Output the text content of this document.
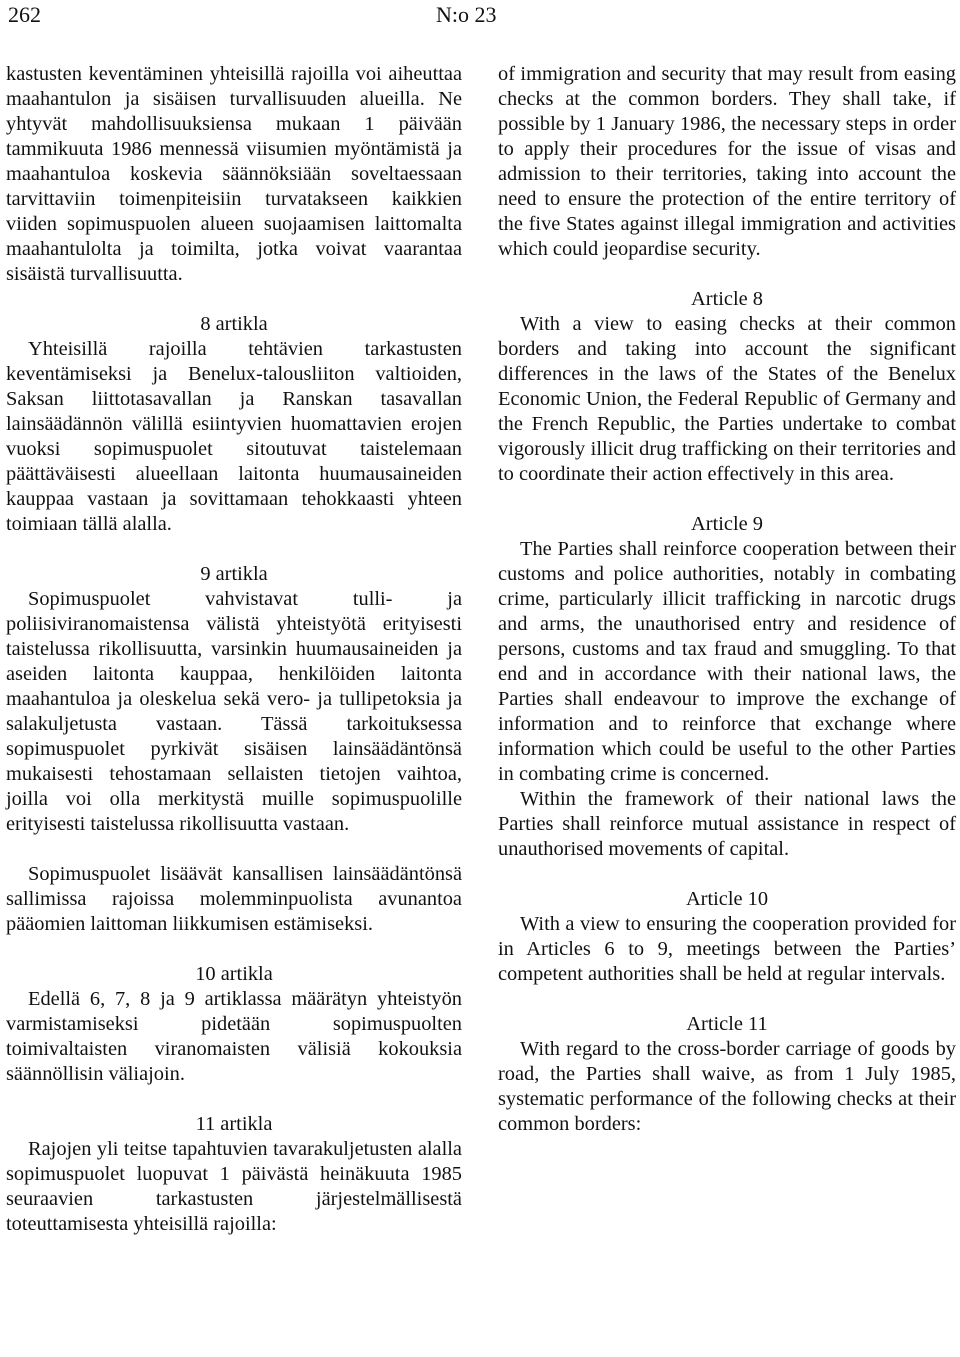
262	N:o 23

kastusten keventäminen yhteisillä rajoilla voi aiheuttaa maahantulon ja sisäisen turvallisuuden alueilla. Ne yhtyvät mahdollisuuksiensa mukaan 1 päivään tammikuuta 1986 mennessä viisumien myöntämistä ja maahantuloa koskevia säännöksiään soveltaessaan tarvittaviin toimenpiteisiin turvatakseen kaikkien viiden sopimuspuolen alueen suojaamisen laittomalta maahantulolta ja toimilta, jotka voivat vaarantaa sisäistä turvallisuutta.

8 artikla

Yhteisillä rajoilla tehtävien tarkastusten keventämiseksi ja Benelux-talousliiton valtioiden, Saksan liittotasavallan ja Ranskan tasavallan lainsäädännön välillä esiintyvien huomattavien erojen vuoksi sopimuspuolet sitoutuvat taistelemaan päättäväisesti alueellaan laitonta huumausaineiden kauppaa vastaan ja sovittamaan tehokkaasti yhteen toimiaan tällä alalla.

9 artikla

Sopimuspuolet vahvistavat tulli- ja poliisiviranomaistensa välistä yhteistyötä erityisesti taistelussa rikollisuutta, varsinkin huumausaineiden ja aseiden laitonta kauppaa, henkilöiden laitonta maahantuloa ja oleskelua sekä vero- ja tullipetoksia ja salakuljetusta vastaan. Tässä tarkoituksessa sopimuspuolet pyrkivät sisäisen lainsäädäntönsä mukaisesti tehostamaan sellaisten tietojen vaihtoa, joilla voi olla merkitystä muille sopimuspuolille erityisesti taistelussa rikollisuutta vastaan.

Sopimuspuolet lisäävät kansallisen lainsäädäntönsä sallimissa rajoissa molemminpuolista avunantoa pääomien laittoman liikkumisen estämiseksi.

10 artikla

Edellä 6, 7, 8 ja 9 artiklassa määrätyn yhteistyön varmistamiseksi pidetään sopimuspuolten toimivaltaisten viranomaisten välisiä kokouksia säännöllisin väliajoin.

11 artikla

Rajojen yli teitse tapahtuvien tavarakuljetusten alalla sopimuspuolet luopuvat 1 päivästä heinäkuuta 1985 seuraavien tarkastusten järjestelmällisestä toteuttamisesta yhteisillä rajoilla:

of immigration and security that may result from easing checks at the common borders. They shall take, if possible by 1 January 1986, the necessary steps in order to apply their procedures for the issue of visas and admission to their territories, taking into account the need to ensure the protection of the entire territory of the five States against illegal immigration and activities which could jeopardise security.

Article 8

With a view to easing checks at their common borders and taking into account the significant differences in the laws of the States of the Benelux Economic Union, the Federal Republic of Germany and the French Republic, the Parties undertake to combat vigorously illicit drug trafficking on their territories and to coordinate their action effectively in this area.

Article 9

The Parties shall reinforce cooperation between their customs and police authorities, notably in combating crime, particularly illicit trafficking in narcotic drugs and arms, the unauthorised entry and residence of persons, customs and tax fraud and smuggling. To that end and in accordance with their national laws, the Parties shall endeavour to improve the exchange of information and to reinforce that exchange where information which could be useful to the other Parties in combating crime is concerned.

Within the framework of their national laws the Parties shall reinforce mutual assistance in respect of unauthorised movements of capital.

Article 10

With a view to ensuring the cooperation provided for in Articles 6 to 9, meetings between the Parties’ competent authorities shall be held at regular intervals.

Article 11

With regard to the cross-border carriage of goods by road, the Parties shall waive, as from 1 July 1985, systematic performance of the following checks at their common borders:
